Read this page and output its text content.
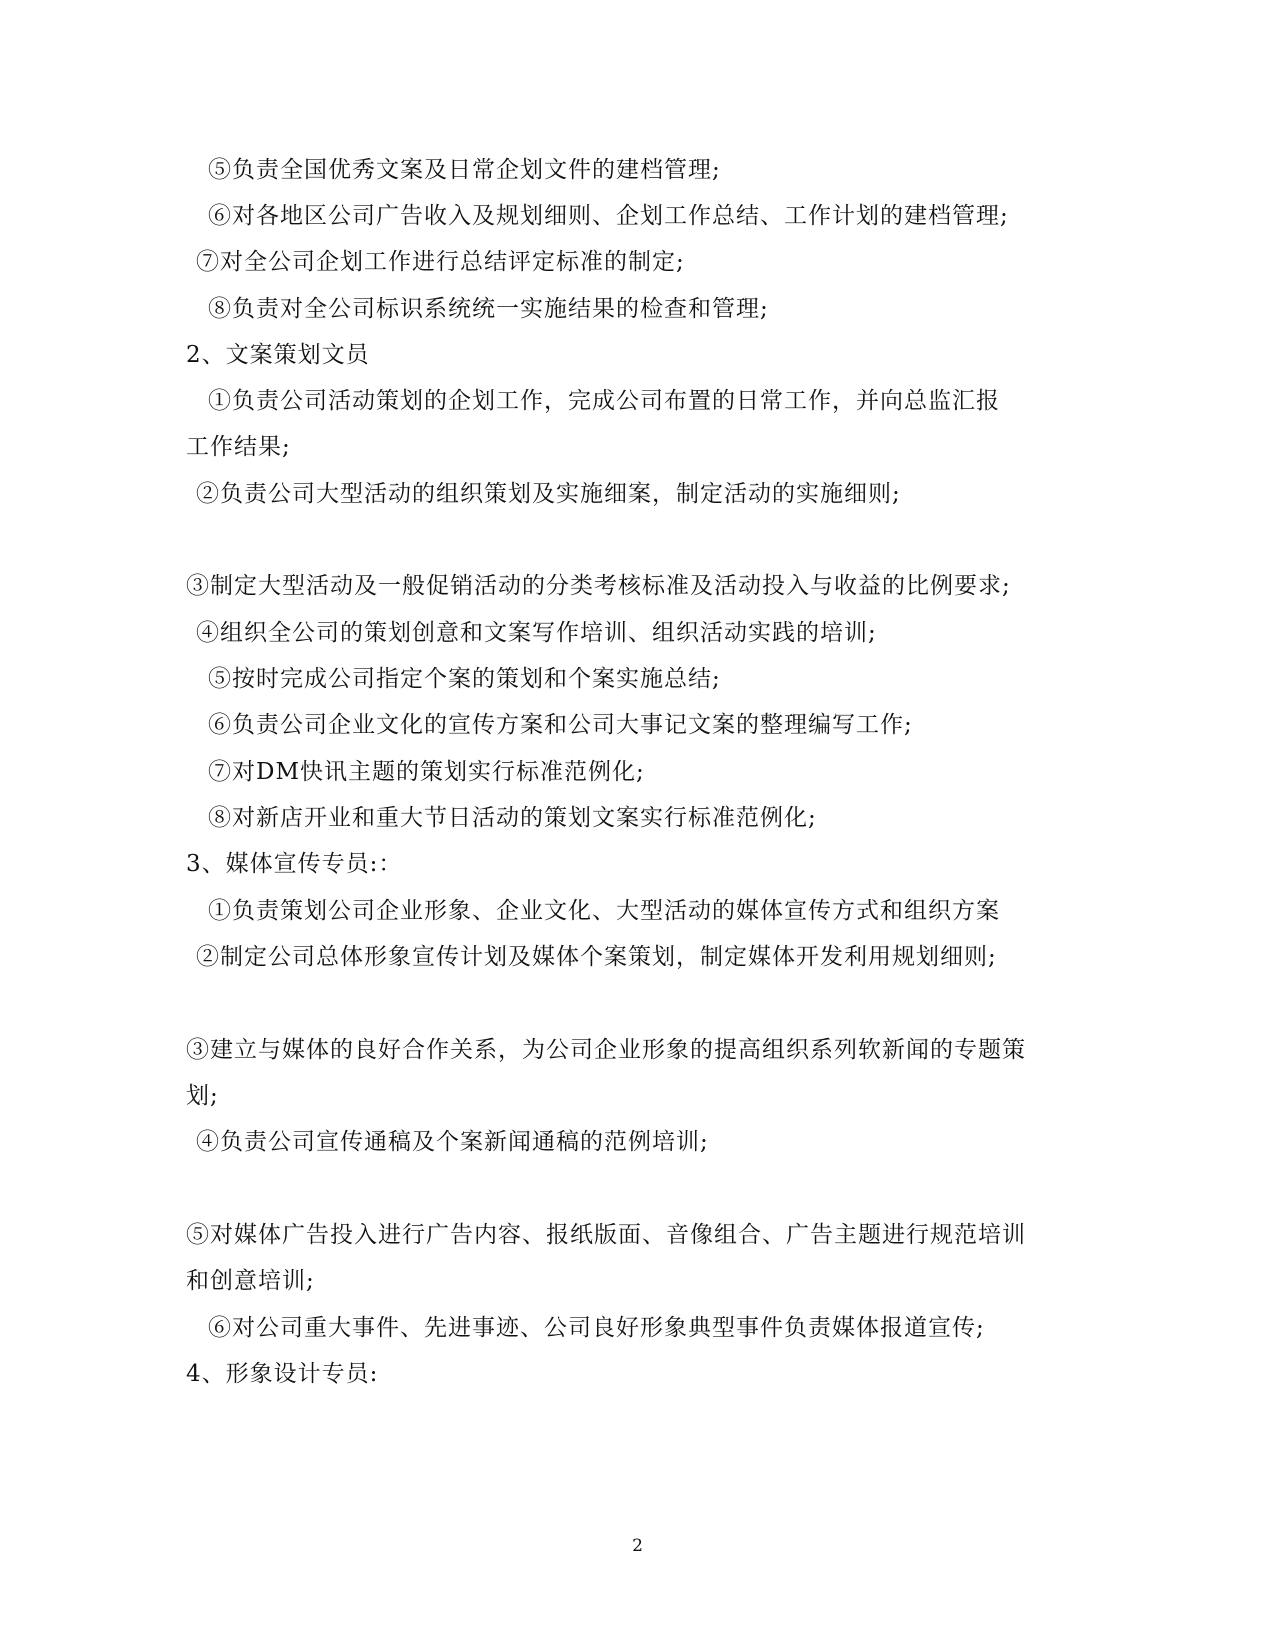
⑤负责全国优秀文案及日常企划文件的建档管理;
⑥对各地区公司广告收入及规划细则、企划工作总结、工作计划的建档管理;
⑦对全公司企划工作进行总结评定标准的制定;
⑧负责对全公司标识系统统一实施结果的检查和管理;
2、文案策划文员
①负责公司活动策划的企划工作，完成公司布置的日常工作，并向总监汇报
工作结果;
②负责公司大型活动的组织策划及实施细案，制定活动的实施细则;
③制定大型活动及一般促销活动的分类考核标准及活动投入与收益的比例要求;
④组织全公司的策划创意和文案写作培训、组织活动实践的培训;
⑤按时完成公司指定个案的策划和个案实施总结;
⑥负责公司企业文化的宣传方案和公司大事记文案的整理编写工作;
⑦对DM快讯主题的策划实行标准范例化;
⑧对新店开业和重大节日活动的策划文案实行标准范例化;
3、媒体宣传专员:：
①负责策划公司企业形象、企业文化、大型活动的媒体宣传方式和组织方案
②制定公司总体形象宣传计划及媒体个案策划，制定媒体开发利用规划细则;
③建立与媒体的良好合作关系，为公司企业形象的提高组织系列软新闻的专题策
划;
④负责公司宣传通稿及个案新闻通稿的范例培训;
⑤对媒体广告投入进行广告内容、报纸版面、音像组合、广告主题进行规范培训
和创意培训;
⑥对公司重大事件、先进事迹、公司良好形象典型事件负责媒体报道宣传;
4、形象设计专员:
2
